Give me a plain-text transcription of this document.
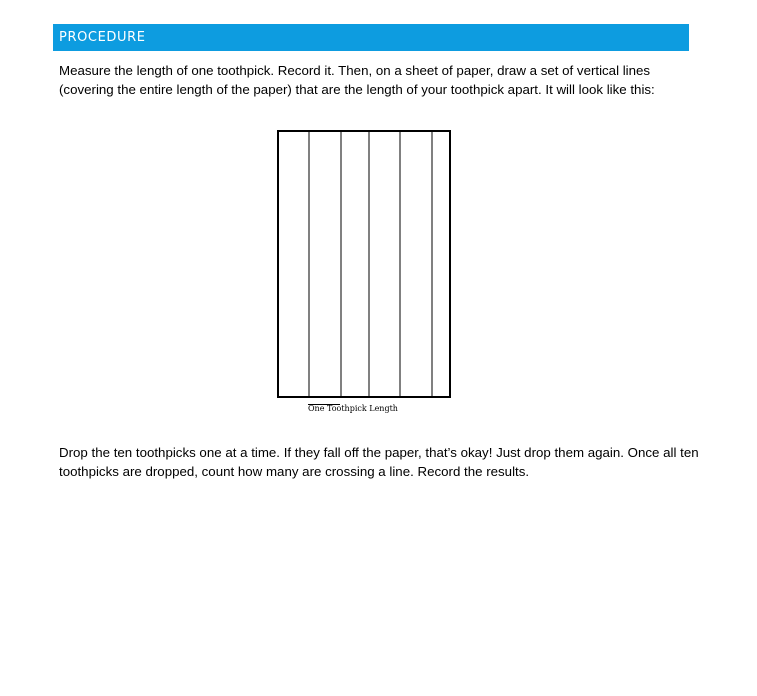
PROCEDURE

Measure the length of one toothpick. Record it. Then, on a sheet of paper, draw a set of vertical lines (covering the entire length of the paper) that are the length of your toothpick apart. It will look like this:

One Toothpick Length

Drop the ten toothpicks one at a time. If they fall off the paper, that’s okay! Just drop them again. Once all ten toothpicks are dropped, count how many are crossing a line. Record the results.
